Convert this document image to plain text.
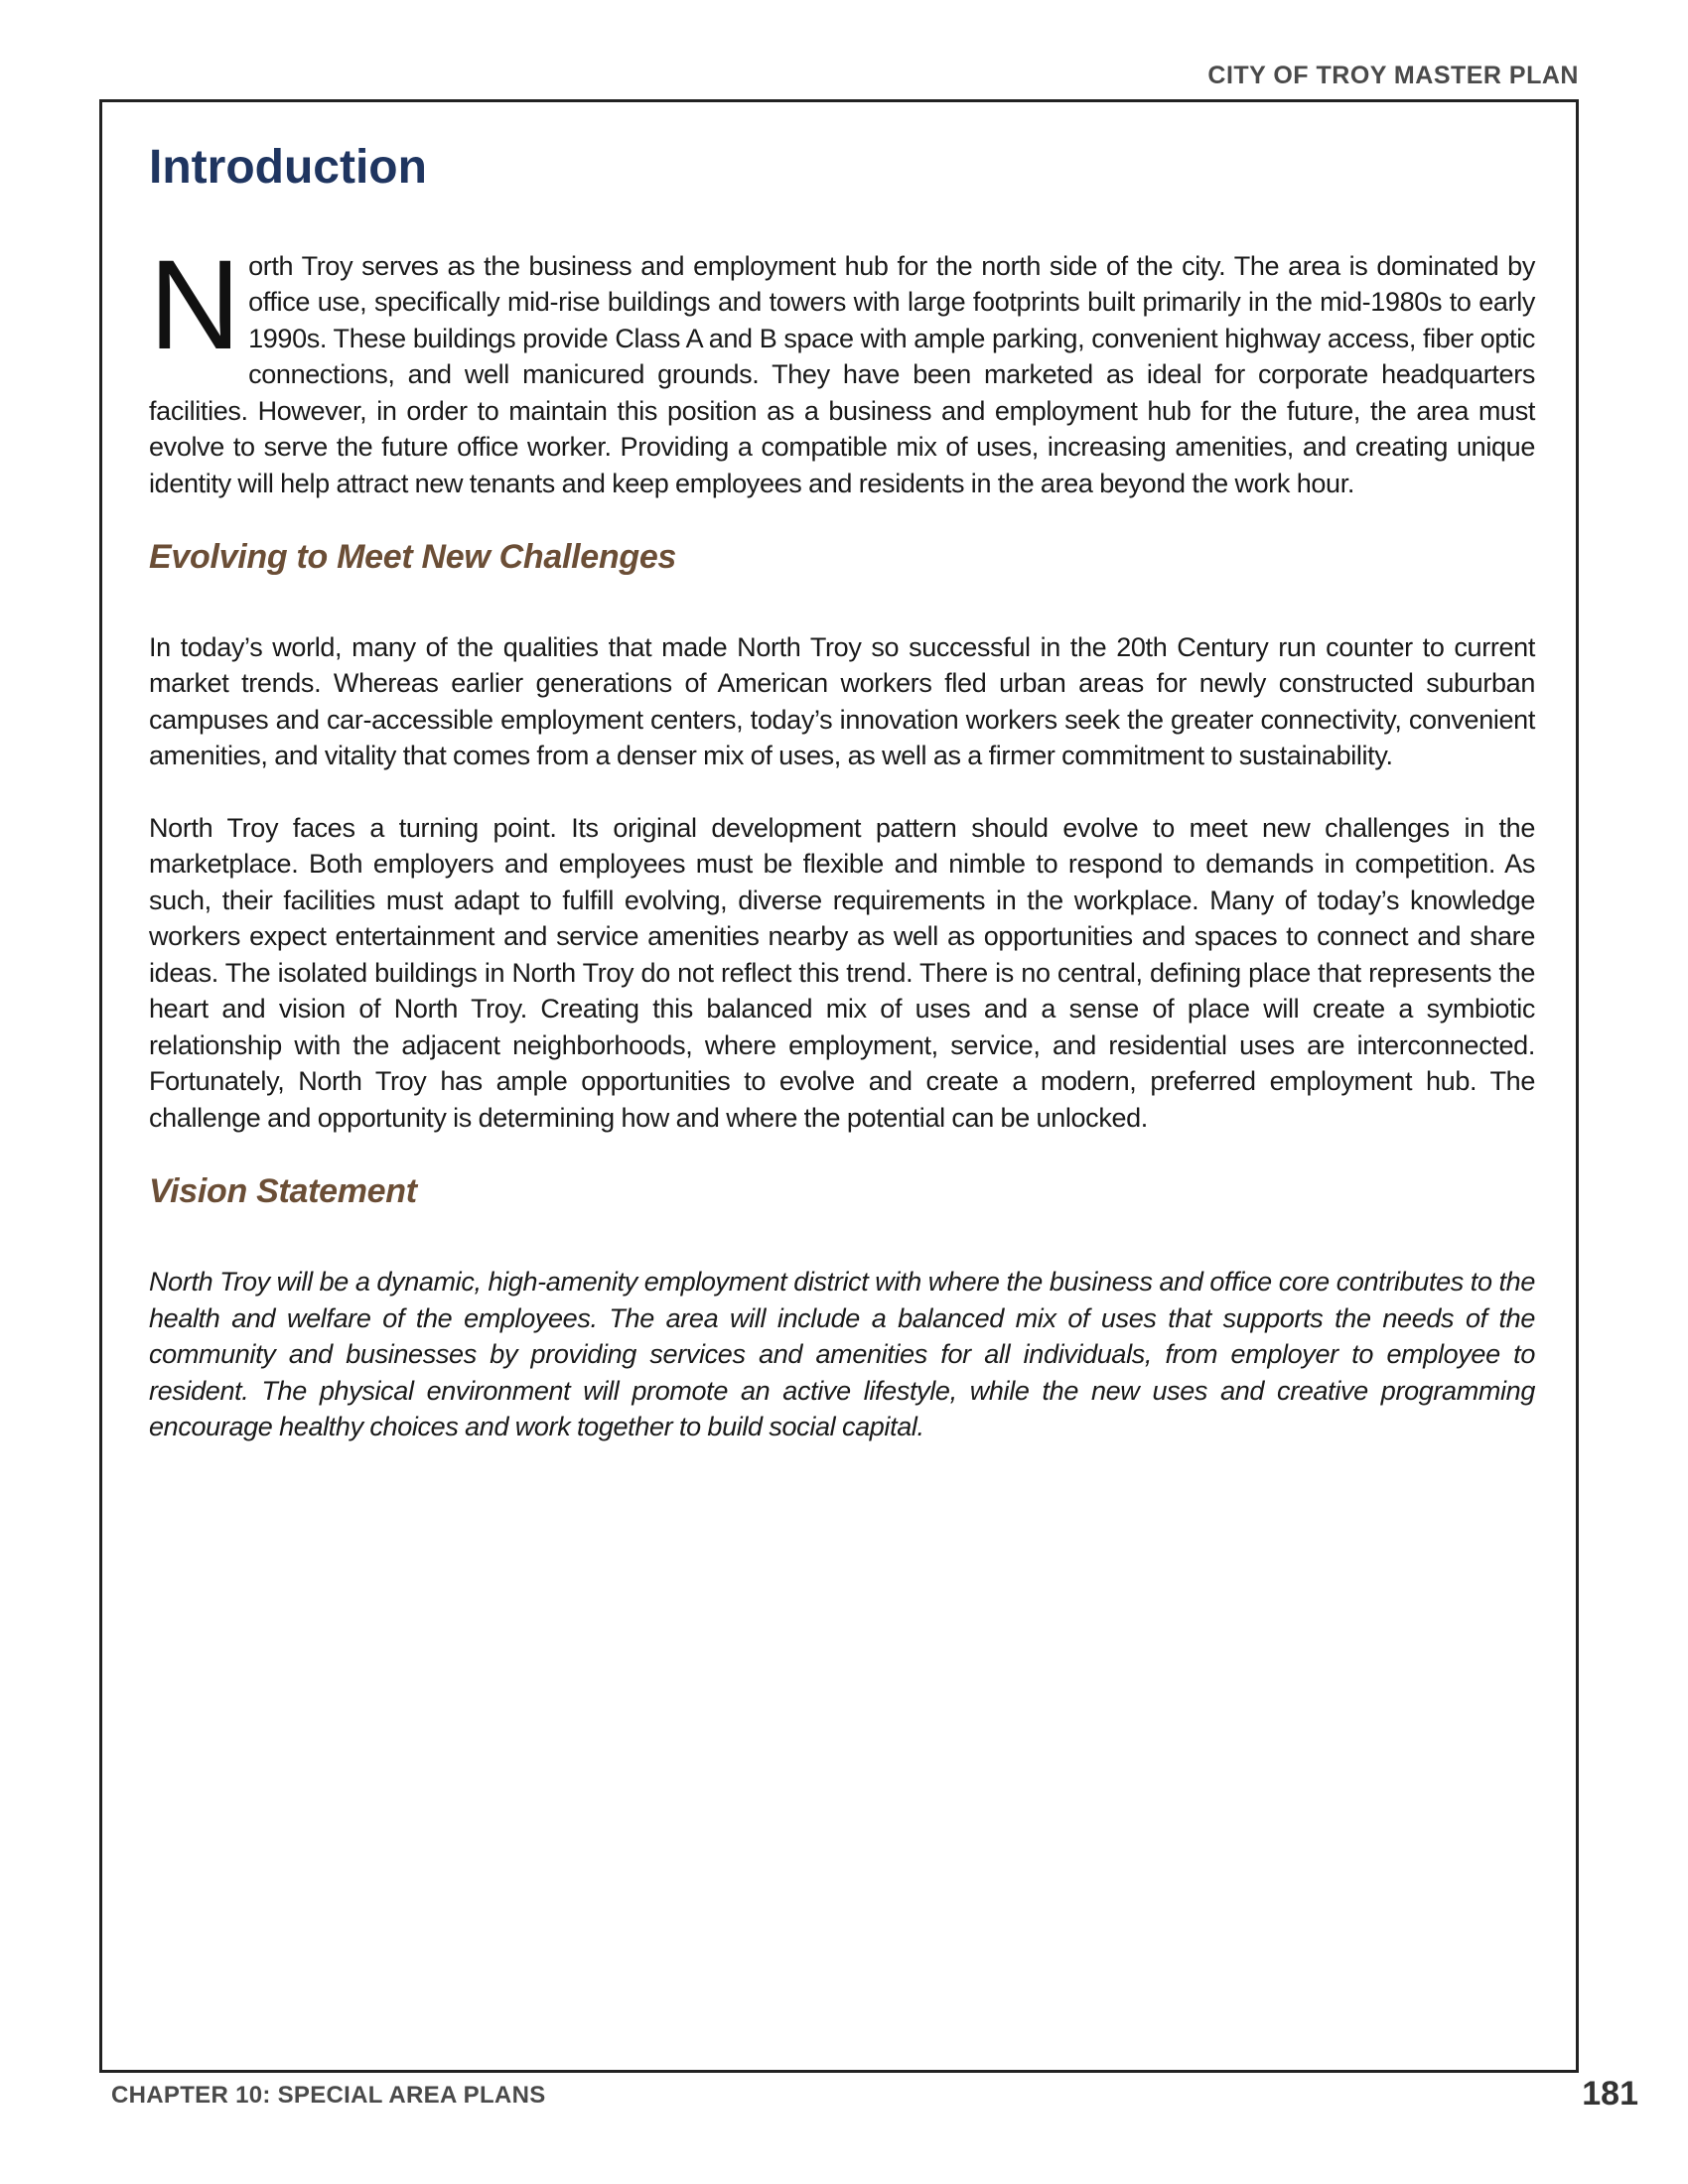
CITY OF TROY MASTER PLAN
Introduction

North Troy serves as the business and employment hub for the north side of the city. The area is dominated by office use, specifically mid-rise buildings and towers with large footprints built primarily in the mid-1980s to early 1990s. These buildings provide Class A and B space with ample parking, convenient highway access, fiber optic connections, and well manicured grounds. They have been marketed as ideal for corporate headquarters facilities. However, in order to maintain this position as a business and employment hub for the future, the area must evolve to serve the future office worker. Providing a compatible mix of uses, increasing amenities, and creating unique identity will help attract new tenants and keep employees and residents in the area beyond the work hour.

Evolving to Meet New Challenges

In today’s world, many of the qualities that made North Troy so successful in the 20th Century run counter to current market trends. Whereas earlier generations of American workers fled urban areas for newly constructed suburban campuses and car-accessible employment centers, today’s innovation workers seek the greater connectivity, convenient amenities, and vitality that comes from a denser mix of uses, as well as a firmer commitment to sustainability.

North Troy faces a turning point. Its original development pattern should evolve to meet new challenges in the marketplace. Both employers and employees must be flexible and nimble to respond to demands in competition. As such, their facilities must adapt to fulfill evolving, diverse requirements in the workplace. Many of today’s knowledge workers expect entertainment and service amenities nearby as well as opportunities and spaces to connect and share ideas. The isolated buildings in North Troy do not reflect this trend. There is no central, defining place that represents the heart and vision of North Troy. Creating this balanced mix of uses and a sense of place will create a symbiotic relationship with the adjacent neighborhoods, where employment, service, and residential uses are interconnected. Fortunately, North Troy has ample opportunities to evolve and create a modern, preferred employment hub. The challenge and opportunity is determining how and where the potential can be unlocked.

Vision Statement

North Troy will be a dynamic, high-amenity employment district with where the business and office core contributes to the health and welfare of the employees. The area will include a balanced mix of uses that supports the needs of the community and businesses by providing services and amenities for all individuals, from employer to employee to resident. The physical environment will promote an active lifestyle, while the new uses and creative programming encourage healthy choices and work together to build social capital.

CHAPTER 10: SPECIAL AREA PLANS	181
